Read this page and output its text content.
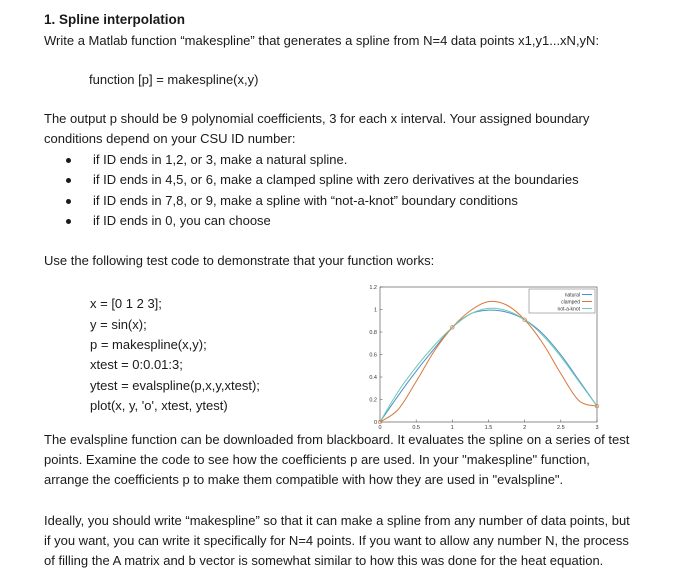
1. Spline interpolation
Write a Matlab function “makespline” that generates a spline from N=4 data points x1,y1...xN,yN:
function [p] = makespline(x,y)
The output p should be 9 polynomial coefficients, 3 for each x interval. Your assigned boundary
conditions depend on your CSU ID number:
if ID ends in 1,2, or 3, make a natural spline.
if ID ends in 4,5, or 6, make a clamped spline with zero derivatives at the boundaries
if ID ends in 7,8, or 9, make a spline with “not-a-knot” boundary conditions
if ID ends in 0, you can choose
Use the following test code to demonstrate that your function works:
x = [0 1 2 3];
y = sin(x);
p = makespline(x,y);
xtest = 0:0.01:3;
ytest = evalspline(p,x,y,xtest);
plot(x, y, 'o', xtest, ytest)
0	0.5	1	1.5	2	2.5	3
0
0.2
0.4
0.6
0.8
1
1.2
natural
clamped
not-a-knot
The evalspline function can be downloaded from blackboard. It evaluates the spline on a series of test
points. Examine the code to see how the coefficients p are used. In your "makespline" function,
arrange the coefficients p to make them compatible with how they are used in "evalspline".
Ideally, you should write “makespline” so that it can make a spline from any number of data points, but
if you want, you can write it specifically for N=4 points. If you want to allow any number N, the process
of filling the A matrix and b vector is somewhat similar to how this was done for the heat equation.
